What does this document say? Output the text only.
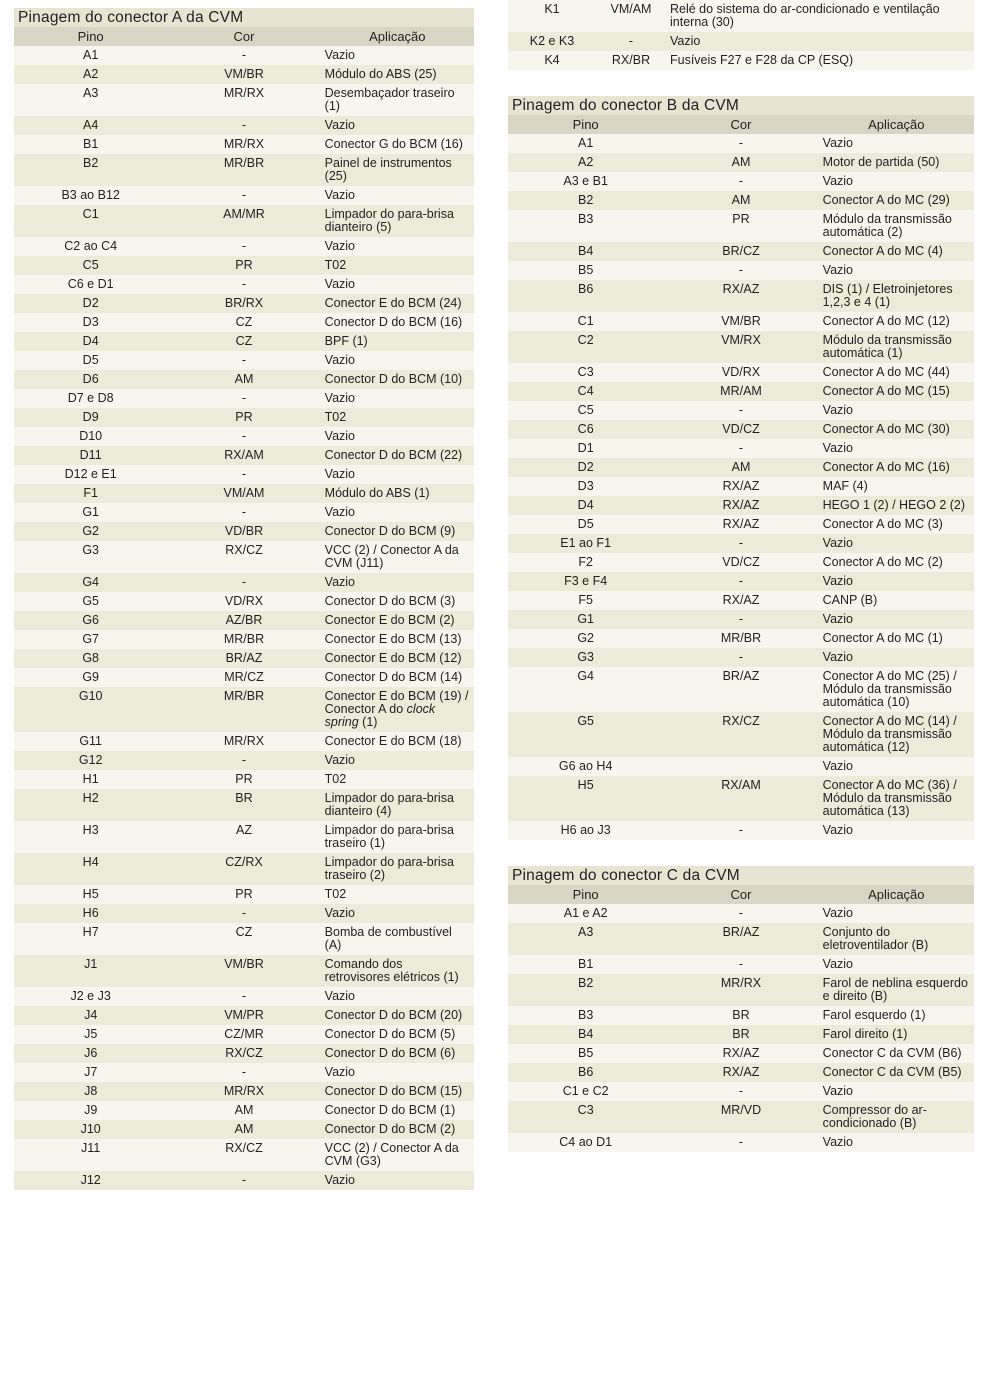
Pinagem do conector A da CVM		
Pino	Cor	Aplicação
A1	-	Vazio
A2	VM/BR	Módulo do ABS (25)
A3	MR/RX	Desembaçador traseiro (1)
A4	-	Vazio
B1	MR/RX	Conector G do BCM (16)
B2	MR/BR	Painel de instrumentos (25)
B3 ao B12	-	Vazio
C1	AM/MR	Limpador do para-brisa dianteiro (5)
C2 ao C4	-	Vazio
C5	PR	T02
C6 e D1	-	Vazio
D2	BR/RX	Conector E do BCM (24)
D3	CZ	Conector D do BCM (16)
D4	CZ	BPF (1)
D5	-	Vazio
D6	AM	Conector D do BCM (10)
D7 e D8	-	Vazio
D9	PR	T02
D10	-	Vazio
D11	RX/AM	Conector D do BCM (22)
D12 e E1	-	Vazio
F1	VM/AM	Módulo do ABS (1)
G1	-	Vazio
G2	VD/BR	Conector D do BCM (9)
G3	RX/CZ	VCC (2) / Conector A da CVM (J11)
G4	-	Vazio
G5	VD/RX	Conector D do BCM (3)
G6	AZ/BR	Conector E do BCM (2)
G7	MR/BR	Conector E do BCM (13)
G8	BR/AZ	Conector E do BCM (12)
G9	MR/CZ	Conector D do BCM (14)
G10	MR/BR	Conector E do BCM (19) / Conector A do clock spring (1)
G11	MR/RX	Conector E do BCM (18)
G12	-	Vazio
H1	PR	T02
H2	BR	Limpador do para-brisa dianteiro (4)
H3	AZ	Limpador do para-brisa traseiro (1)
H4	CZ/RX	Limpador do para-brisa traseiro (2)
H5	PR	T02
H6	-	Vazio
H7	CZ	Bomba de combustível (A)
J1	VM/BR	Comando dos retrovisores elétricos (1)
J2 e J3	-	Vazio
J4	VM/PR	Conector D do BCM (20)
J5	CZ/MR	Conector D do BCM (5)
J6	RX/CZ	Conector D do BCM (6)
J7	-	Vazio
J8	MR/RX	Conector D do BCM (15)
J9	AM	Conector D do BCM (1)
J10	AM	Conector D do BCM (2)
J11	RX/CZ	VCC (2) / Conector A da CVM (G3)
J12	-	Vazio
K1	VM/AM	Relé do sistema do ar-condicionado e ventilação interna (30)
K2 e K3	-	Vazio
K4	RX/BR	Fusíveis F27 e F28 da CP (ESQ)
Pinagem do conector B da CVM		
Pino	Cor	Aplicação
A1	-	Vazio
A2	AM	Motor de partida (50)
A3 e B1	-	Vazio
B2	AM	Conector A do MC (29)
B3	PR	Módulo da transmissão automática (2)
B4	BR/CZ	Conector A do MC (4)
B5	-	Vazio
B6	RX/AZ	DIS (1) / Eletroinjetores 1,2,3 e 4 (1)
C1	VM/BR	Conector A do MC (12)
C2	VM/RX	Módulo da transmissão automática (1)
C3	VD/RX	Conector A do MC (44)
C4	MR/AM	Conector A do MC (15)
C5	-	Vazio
C6	VD/CZ	Conector A do MC (30)
D1	-	Vazio
D2	AM	Conector A do MC (16)
D3	RX/AZ	MAF (4)
D4	RX/AZ	HEGO 1 (2) / HEGO 2 (2)
D5	RX/AZ	Conector A do MC (3)
E1 ao F1	-	Vazio
F2	VD/CZ	Conector A do MC (2)
F3 e F4	-	Vazio
F5	RX/AZ	CANP (B)
G1	-	Vazio
G2	MR/BR	Conector A do MC (1)
G3	-	Vazio
G4	BR/AZ	Conector A do MC (25) / Módulo da transmissão automática (10)
G5	RX/CZ	Conector A do MC (14) / Módulo da transmissão automática (12)
G6 ao H4		Vazio
H5	RX/AM	Conector A do MC (36) / Módulo da transmissão automática (13)
H6 ao J3	-	Vazio
Pinagem do conector C da CVM		
Pino	Cor	Aplicação
A1 e A2	-	Vazio
A3	BR/AZ	Conjunto do eletroventilador (B)
B1	-	Vazio
B2	MR/RX	Farol de neblina esquerdo e direito (B)
B3	BR	Farol esquerdo (1)
B4	BR	Farol direito (1)
B5	RX/AZ	Conector C da CVM (B6)
B6	RX/AZ	Conector C da CVM (B5)
C1 e C2	-	Vazio
C3	MR/VD	Compressor do ar-condicionado (B)
C4 ao D1	-	Vazio
